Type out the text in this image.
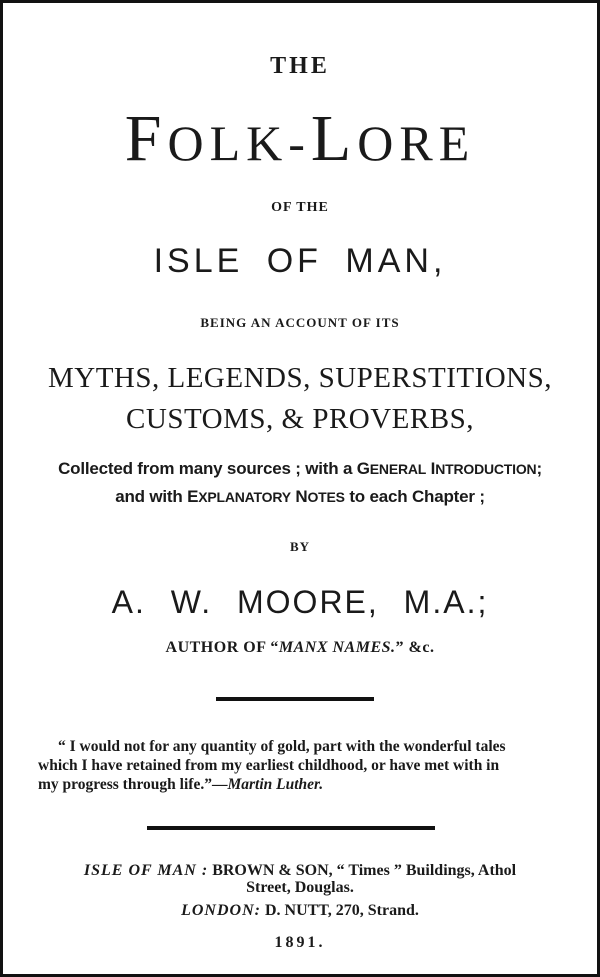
THE
FOLK-LORE
OF THE
ISLE OF MAN,
BEING AN ACCOUNT OF ITS
MYTHS, LEGENDS, SUPERSTITIONS,
CUSTOMS, & PROVERBS,
Collected from many sources ; with a GENERAL INTRODUCTION;
and with EXPLANATORY NOTES to each Chapter ;
BY
A. W. MOORE, M.A.;
AUTHOR OF “MANX NAMES.” &c.
“ I would not for any quantity of gold, part with the wonderful tales
which I have retained from my earliest childhood, or have met with in
my progress through life.”—Martin Luther.
ISLE OF MAN : BROWN & SON, “ Times ” Buildings, Athol
Street, Douglas.
LONDON: D. NUTT, 270, Strand.
1891.
